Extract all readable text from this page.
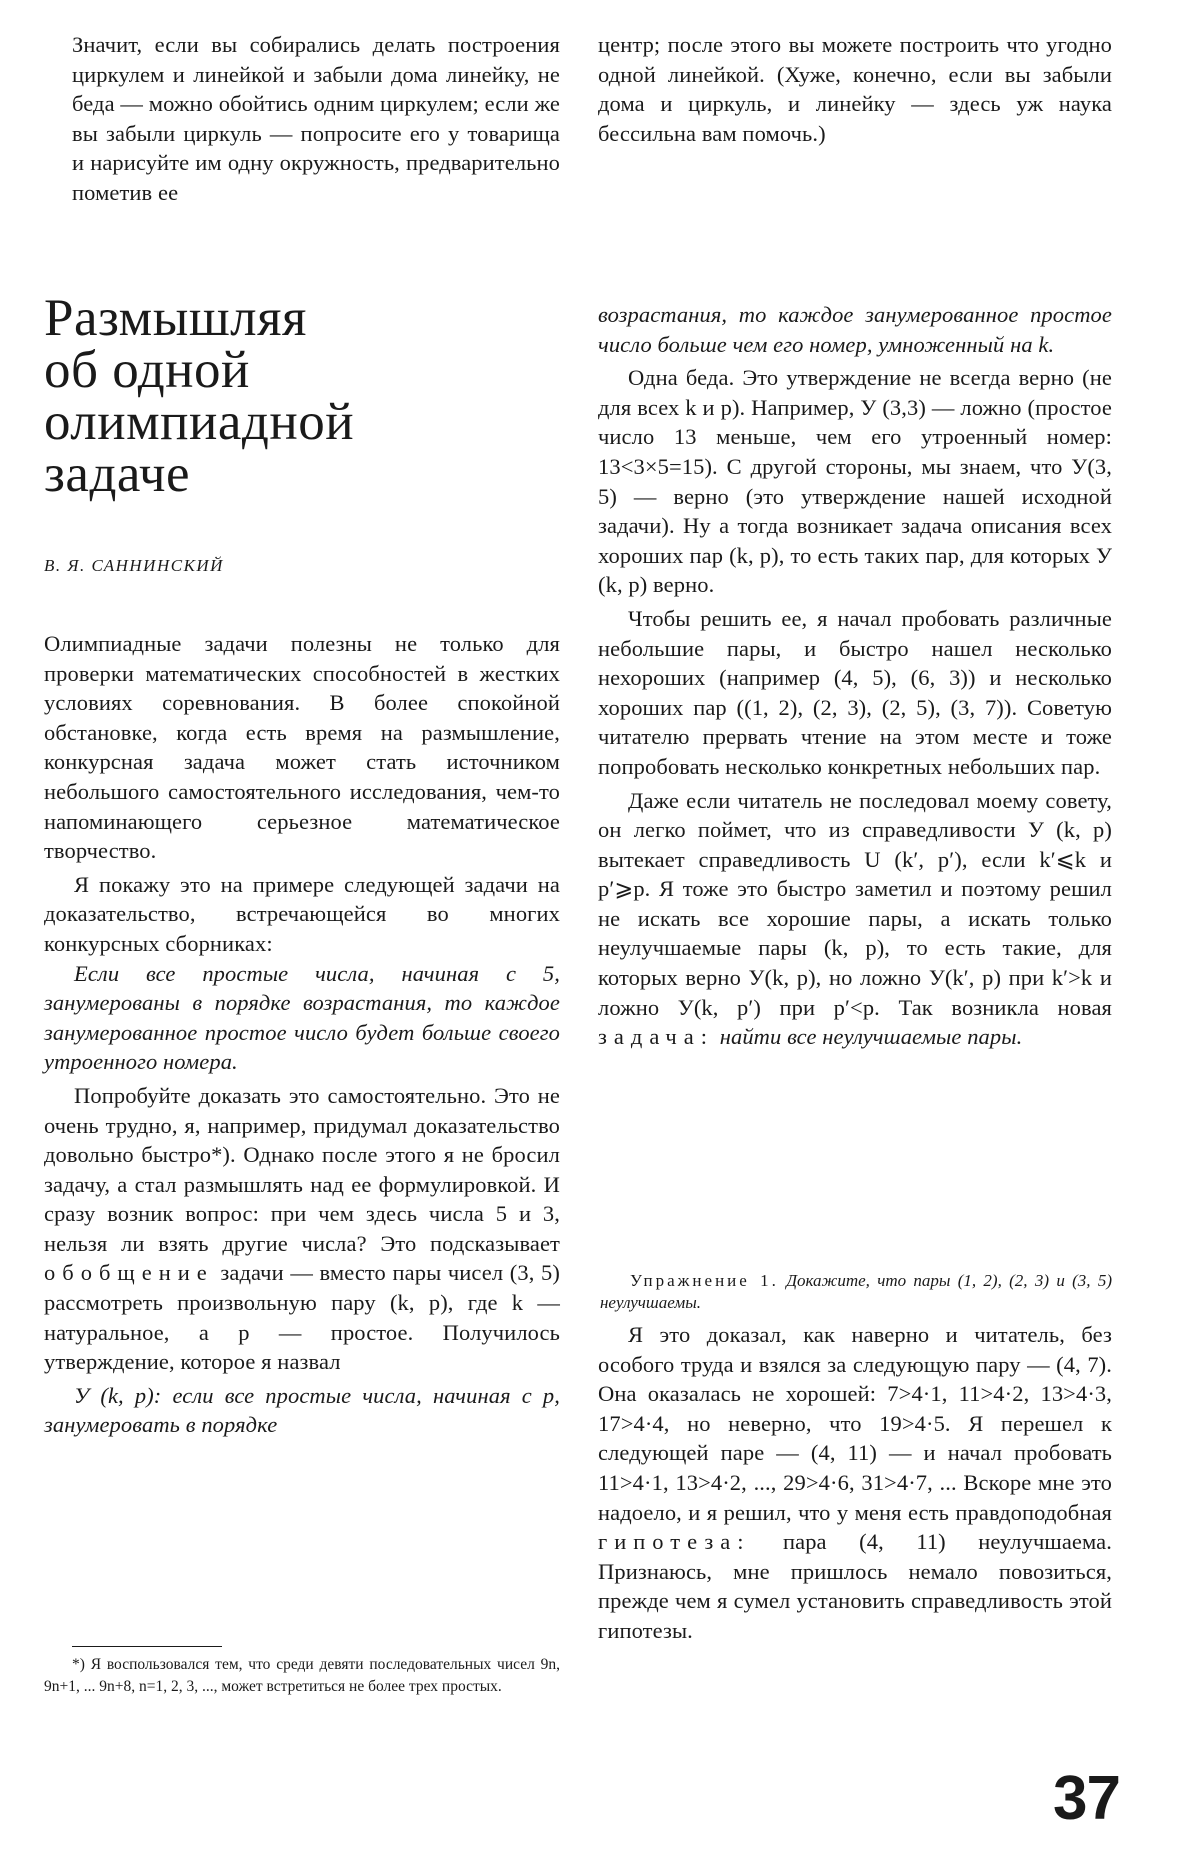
Значит, если вы собирались делать построения циркулем и линейкой и забыли дома линейку, не беда — можно обойтись одним циркулем; если же вы забыли циркуль — попросите его у товарища и нарисуйте им одну окружность, предварительно пометив ее

центр; после этого вы можете построить что угодно одной линейкой. (Хуже, конечно, если вы забыли дома и циркуль, и линейку — здесь уж наука бессильна вам помочь.)

Размышляя
об одной
олимпиадной
задаче
В. Я. САННИНСКИЙ

Олимпиадные задачи полезны не только для проверки математических способностей в жестких условиях соревнования. В более спокойной обстановке, когда есть время на размышление, конкурсная задача может стать источником небольшого самостоятельного исследования, чем-то напоминающего серьезное математическое творчество.

Я покажу это на примере следующей задачи на доказательство, встречающейся во многих конкурсных сборниках:

Если все простые числа, начиная с 5, занумерованы в порядке возрастания, то каждое занумерованное простое число будет больше своего утроенного номера.

Попробуйте доказать это самостоятельно. Это не очень трудно, я, например, придумал доказательство довольно быстро*). Однако после этого я не бросил задачу, а стал размышлять над ее формулировкой. И сразу возник вопрос: при чем здесь числа 5 и 3, нельзя ли взять другие числа? Это подсказывает обобщение задачи — вместо пары чисел (3, 5) рассмотреть произвольную пару (k, p), где k — натуральное, а p — простое. Получилось утверждение, которое я назвал

У (k, p): если все простые числа, начиная с p, занумеровать в порядке

*) Я воспользовался тем, что среди девяти последовательных чисел 9n, 9n+1, ... 9n+8, n=1, 2, 3, ..., может встретиться не более трех простых.

возрастания, то каждое занумерованное простое число больше чем его номер, умноженный на k.

Одна беда. Это утверждение не всегда верно (не для всех k и p). Например, У (3,3) — ложно (простое число 13 меньше, чем его утроенный номер: 13<3×5=15). С другой стороны, мы знаем, что У(3, 5) — верно (это утверждение нашей исходной задачи). Ну а тогда возникает задача описания всех хороших пар (k, p), то есть таких пар, для которых У (k, p) верно.

Чтобы решить ее, я начал пробовать различные небольшие пары, и быстро нашел несколько нехороших (например (4, 5), (6, 3)) и несколько хороших пар ((1, 2), (2, 3), (2, 5), (3, 7)). Советую читателю прервать чтение на этом месте и тоже попробовать несколько конкретных небольших пар.

Даже если читатель не последовал моему совету, он легко поймет, что из справедливости У (k, p) вытекает справедливость U (k′, p′), если k′⩽k и p′⩾p. Я тоже это быстро заметил и поэтому решил не искать все хорошие пары, а искать только неулучшаемые пары (k, p), то есть такие, для которых верно У(k, p), но ложно У(k′, p) при k′>k и ложно У(k, p′) при p′<p. Так возникла новая задача: найти все неулучшаемые пары.

Упражнение 1. Докажите, что пары (1, 2), (2, 3) и (3, 5) неулучшаемы.

Я это доказал, как наверно и читатель, без особого труда и взялся за следующую пару — (4, 7). Она оказалась не хорошей: 7>4·1, 11>4·2, 13>4·3, 17>4·4, но неверно, что 19>4·5. Я перешел к следующей паре — (4, 11) — и начал пробовать 11>4·1, 13>4·2, ..., 29>4·6, 31>4·7, ... Вскоре мне это надоело, и я решил, что у меня есть правдоподобная гипотеза: пара (4, 11) неулучшаема. Признаюсь, мне пришлось немало повозиться, прежде чем я сумел установить справедливость этой гипотезы.

37
